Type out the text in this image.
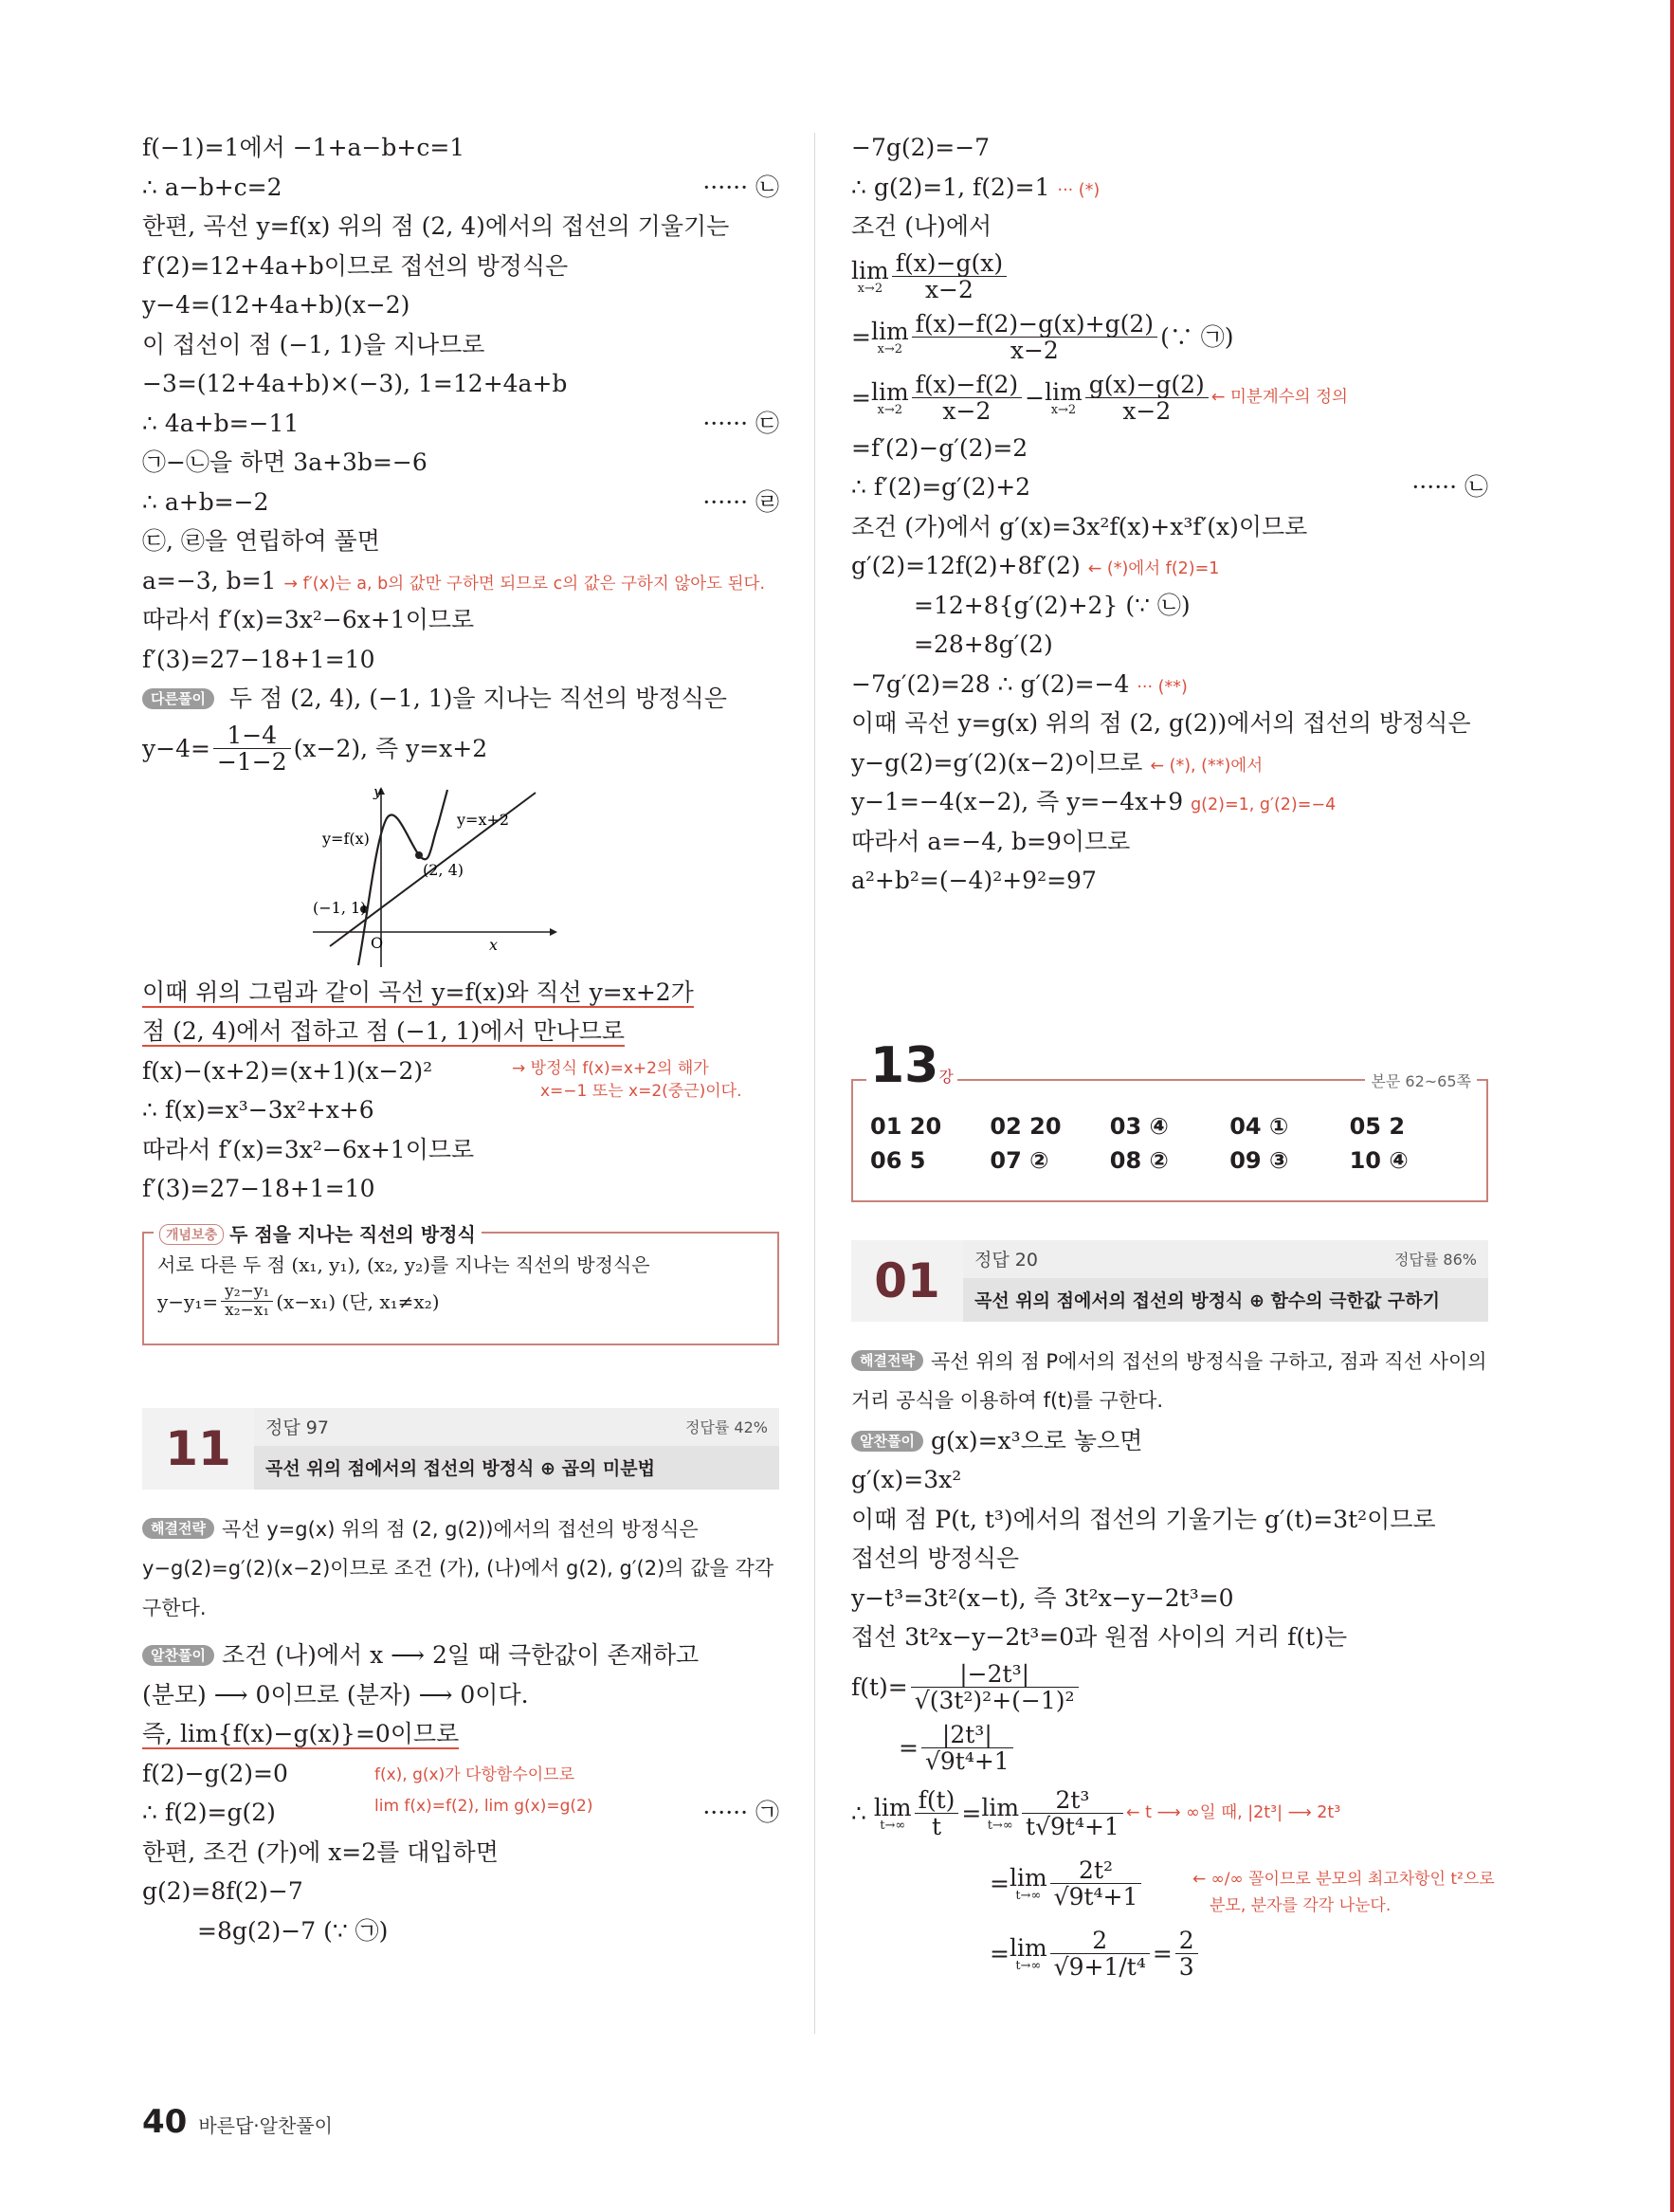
f(−1)=1에서 −1+a−b+c=1
∴ a−b+c=2	······ ㉡
한편, 곡선 y=f(x) 위의 점 (2, 4)에서의 접선의 기울기는
f′(2)=12+4a+b이므로 접선의 방정식은
y−4=(12+4a+b)(x−2)
이 접선이 점 (−1, 1)을 지나므로
−3=(12+4a+b)×(−3), 1=12+4a+b
∴ 4a+b=−11	······ ㉢
㉠−㉡을 하면 3a+3b=−6
∴ a+b=−2	······ ㉣
㉢, ㉣을 연립하여 풀면
a=−3, b=1 → f′(x)는 a, b의 값만 구하면 되므로 c의 값은 구하지 않아도 된다.
따라서 f′(x)=3x²−6x+1이므로
f′(3)=27−18+1=10
다른풀이 두 점 (2, 4), (−1, 1)을 지나는 직선의 방정식은
$y-4= \frac{1-4}{-1-2} (x-2)$, 즉 y=x+2
y
x
O
y=f(x)
y=x+2
(2, 4)
(−1, 1)
이때 위의 그림과 같이 곡선 y=f(x)와 직선 y=x+2가
점 (2, 4)에서 접하고 점 (−1, 1)에서 만나므로
f(x)−(x+2)=(x+1)(x−2)²	→ 방정식 f(x)=x+2의 해가
x=−1 또는 x=2(중근)이다.
∴ f(x)=x³−3x²+x+6
따라서 f′(x)=3x²−6x+1이므로
f′(3)=27−18+1=10
개념보충 두 점을 지나는 직선의 방정식
서로 다른 두 점 (x₁, y₁), (x₂, y₂)를 지나는 직선의 방정식은
$y-y_1= \frac{\text{y₂−y₁}}{\text{x₂−x₁}} (x-x_1)$ (단, x₁≠x₂)
11	정답 97	정답률 42%
곡선 위의 점에서의 접선의 방정식 ⊕ 곱의 미분법
해결전략 곡선 y=g(x) 위의 점 (2, g(2))에서의 접선의 방정식은
y−g(2)=g′(2)(x−2)이므로 조건 (가), (나)에서 g(2), g′(2)의 값을 각각
구한다.
알찬풀이 조건 (나)에서 x ⟶ 2일 때 극한값이 존재하고
(분모) ⟶ 0이므로 (분자) ⟶ 0이다.
즉, lim{f(x)−g(x)}=0이므로
f(2)−g(2)=0	f(x), g(x)가 다항함수이므로
∴ f(2)=g(2)	lim f(x)=f(2), lim g(x)=g(2)	······ ㉠
한편, 조건 (가)에 x=2를 대입하면
g(2)=8f(2)−7
=8g(2)−7 (∵ ㉠)
−7g(2)=−7
∴ g(2)=1, f(2)=1 ··· (*)
조건 (나)에서
lim
$x\to 2 \frac{f(x)-g(x)}{x-2}$
= lim
$x\to 2 \frac{f(x)-f(2)-g(x)+g(2)}{x-2}$ (∵ ㉠)
= lim
$x\to 2 \frac{f(x)-f(2)}{x-2} - \lim$
$x\to 2 \frac{g(x)-g(2)}{x-2}$ ← 미분계수의 정의
=f′(2)−g′(2)=2
∴ f′(2)=g′(2)+2	······ ㉡
조건 (가)에서 g′(x)=3x²f(x)+x³f′(x)이므로
g′(2)=12f(2)+8f′(2) ← (*)에서 f(2)=1
=12+8{g′(2)+2} (∵ ㉡)
=28+8g′(2)
−7g′(2)=28 ∴ g′(2)=−4 ··· (**)
이때 곡선 y=g(x) 위의 점 (2, g(2))에서의 접선의 방정식은
y−g(2)=g′(2)(x−2)이므로 ← (*), (**)에서
y−1=−4(x−2), 즉 y=−4x+9 g(2)=1, g′(2)=−4
따라서 a=−4, b=9이므로
a²+b²=(−4)²+9²=97
13강	본문 62~65쪽
01 20	02 20	03 ④	04 ①	05 2
06 5	07 ②	08 ②	09 ③	10 ④
01	정답 20	정답률 86%
곡선 위의 점에서의 접선의 방정식 ⊕ 함수의 극한값 구하기
해결전략 곡선 위의 점 P에서의 접선의 방정식을 구하고, 점과 직선 사이의
거리 공식을 이용하여 f(t)를 구한다.
알찬풀이 g(x)=x³으로 놓으면
g′(x)=3x²
이때 점 P(t, t³)에서의 접선의 기울기는 g′(t)=3t²이므로
접선의 방정식은
y−t³=3t²(x−t), 즉 3t²x−y−2t³=0
접선 3t²x−y−2t³=0과 원점 사이의 거리 f(t)는
$f(t)= \frac{\text{|−2t³|}}{\text{√(3t²)²+(−1)²}}$
= $\frac{\text{|2t³|}}{\text{√9t⁴+1}}$
∴ lim
$t\to\infty \frac{f(t)}{t} = \lim$
$t\to\infty \frac{\text{2t³}}{\text{t√9t⁴+1}}$ ← t ⟶ ∞일 때, |2t³| ⟶ 2t³
= lim
$t\to\infty \frac{\text{2t²}}{\text{√9t⁴+1}}$	← ∞/∞ 꼴이므로 분모의 최고차항인 t²으로
분모, 분자를 각각 나눈다.
= lim
$t\to\infty \frac{2}{\text{√9+1/t⁴}} = \frac{2}{3}$
40 바른답·알찬풀이
